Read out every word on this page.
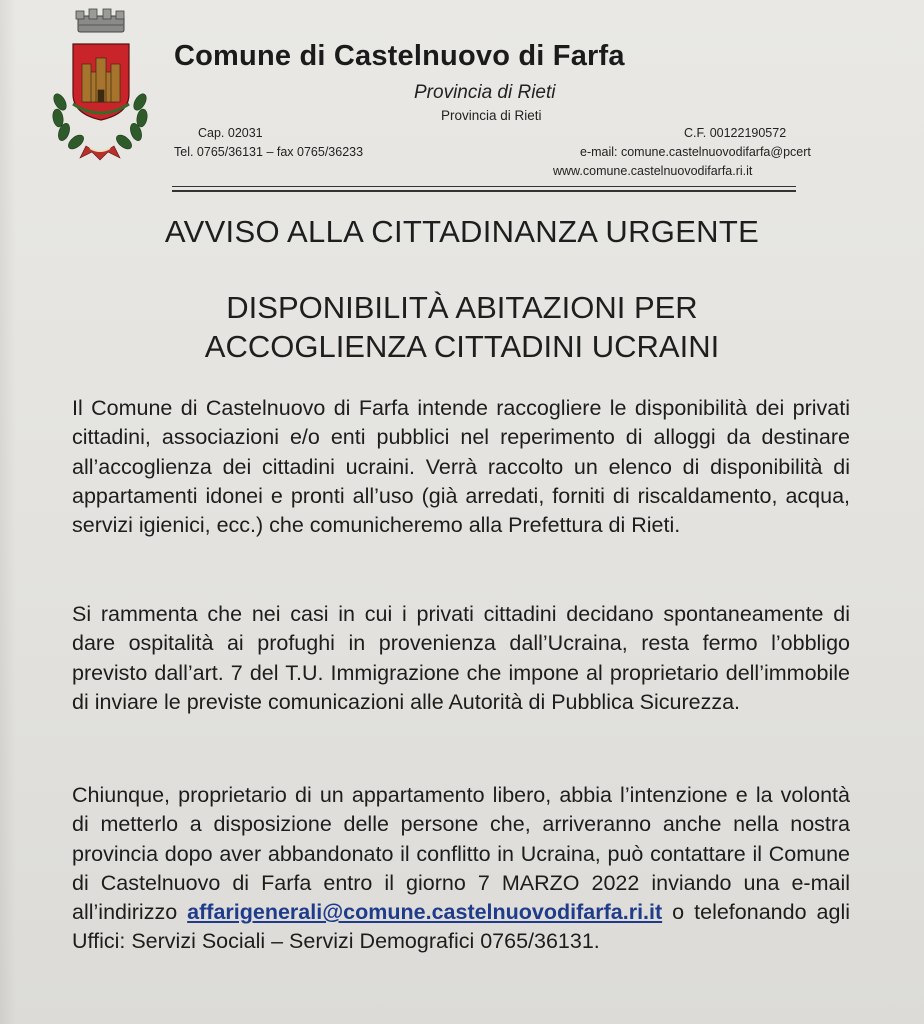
Comune di Castelnuovo di Farfa
Provincia di Rieti
Provincia di Rieti
Cap. 02031
Tel. 0765/36131 – fax 0765/36233
C.F. 00122190572
e-mail: comune.castelnuovodifarfa@pcert
www.comune.castelnuovodifarfa.ri.it
AVVISO ALLA CITTADINANZA URGENTE
DISPONIBILITÀ ABITAZIONI PER
ACCOGLIENZA CITTADINI UCRAINI
Il Comune di Castelnuovo di Farfa intende raccogliere le disponibilità dei privati cittadini, associazioni e/o enti pubblici nel reperimento di alloggi da destinare all’accoglienza dei cittadini ucraini. Verrà raccolto un elenco di disponibilità di appartamenti idonei e pronti all’uso (già arredati, forniti di riscaldamento, acqua, servizi igienici, ecc.) che comunicheremo alla Prefettura di Rieti.
Si rammenta che nei casi in cui i privati cittadini decidano spontaneamente di dare ospitalità ai profughi in provenienza dall’Ucraina, resta fermo l’obbligo previsto dall’art. 7 del T.U. Immigrazione che impone al proprietario dell’immobile di inviare le previste comunicazioni alle Autorità di Pubblica Sicurezza.
Chiunque, proprietario di un appartamento libero, abbia l’intenzione e la volontà di metterlo a disposizione delle persone che, arriveranno anche nella nostra provincia dopo aver abbandonato il conflitto in Ucraina, può contattare il Comune di Castelnuovo di Farfa entro il giorno 7 MARZO 2022 inviando una e-mail all’indirizzo affarigenerali@comune.castelnuovodifarfa.ri.it o telefonando agli Uffici: Servizi Sociali – Servizi Demografici 0765/36131.
